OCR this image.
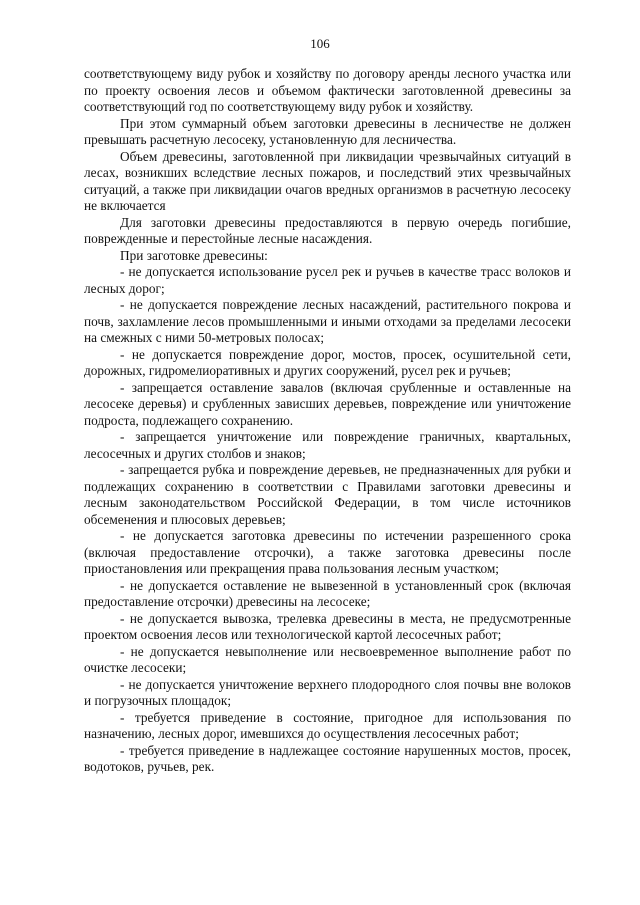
106

соответствующему виду рубок и хозяйству по договору аренды лесного участка или по проекту освоения лесов и объемом фактически заготовленной древесины за соответствующий год по соответствующему виду рубок и хозяйству.

При этом суммарный объем заготовки древесины в лесничестве не должен превышать расчетную лесосеку, установленную для лесничества.

Объем древесины, заготовленной при ликвидации чрезвычайных ситуаций в лесах, возникших вследствие лесных пожаров, и последствий этих чрезвычайных ситуаций, а также при ликвидации очагов вредных организмов в расчетную лесосеку не включается

Для заготовки древесины предоставляются в первую очередь погибшие, поврежденные и перестойные лесные насаждения.

При заготовке древесины:

- не допускается использование русел рек и ручьев в качестве трасс волоков и лесных дорог;

- не допускается повреждение лесных насаждений, растительного покрова и почв, захламление лесов промышленными и иными отходами за пределами лесосеки на смежных с ними 50-метровых полосах;

- не допускается повреждение дорог, мостов, просек, осушительной сети, дорожных, гидромелиоративных и других сооружений, русел рек и ручьев;

- запрещается оставление завалов (включая срубленные и оставленные на лесосеке деревья) и срубленных зависших деревьев, повреждение или уничтожение подроста, подлежащего сохранению.

- запрещается уничтожение или повреждение граничных, квартальных, лесосечных и других столбов и знаков;

- запрещается рубка и повреждение деревьев, не предназначенных для рубки и подлежащих сохранению в соответствии с Правилами заготовки древесины и лесным законодательством Российской Федерации, в том числе источников обсеменения и плюсовых деревьев;

- не допускается заготовка древесины по истечении разрешенного срока (включая предоставление отсрочки), а также заготовка древесины после приостановления или прекращения права пользования лесным участком;

- не допускается оставление не вывезенной в установленный срок (включая предоставление отсрочки) древесины на лесосеке;

- не допускается вывозка, трелевка древесины в места, не предусмотренные проектом освоения лесов или технологической картой лесосечных работ;

- не допускается невыполнение или несвоевременное выполнение работ по очистке лесосеки;

- не допускается уничтожение верхнего плодородного слоя почвы вне волоков и погрузочных площадок;

- требуется приведение в состояние, пригодное для использования по назначению, лесных дорог, имевшихся до осуществления лесосечных работ;

- требуется приведение в надлежащее состояние нарушенных мостов, просек, водотоков, ручьев, рек.
